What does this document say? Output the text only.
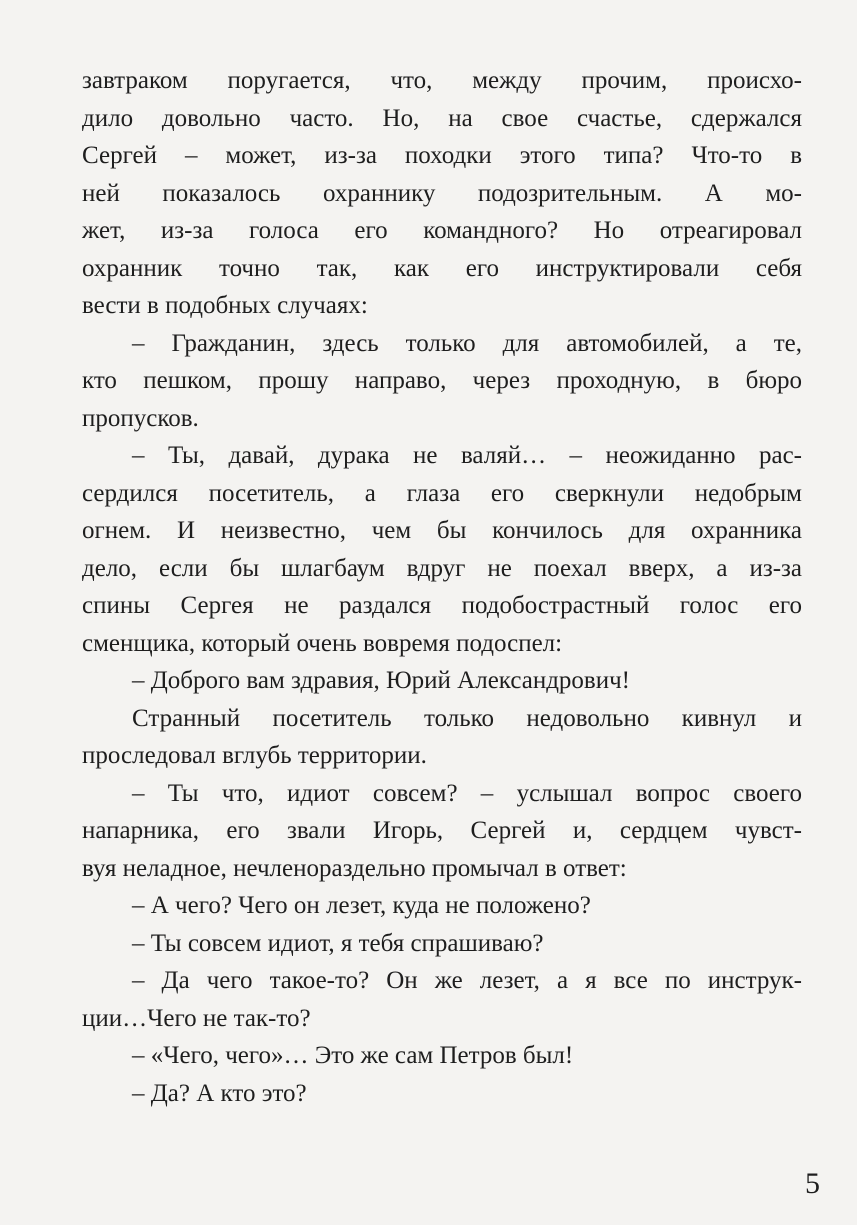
завтраком поругается, что, между прочим, происхо-
дило довольно часто. Но, на свое счастье, сдержался
Сергей – может, из-за походки этого типа? Что-то в
ней показалось охраннику подозрительным. А мо-
жет, из-за голоса его командного? Но отреагировал
охранник точно так, как его инструктировали себя
вести в подобных случаях:
– Гражданин, здесь только для автомобилей, а те,
кто пешком, прошу направо, через проходную, в бюро
пропусков.
– Ты, давай, дурака не валяй… – неожиданно рас-
сердился посетитель, а глаза его сверкнули недобрым
огнем. И неизвестно, чем бы кончилось для охранника
дело, если бы шлагбаум вдруг не поехал вверх, а из-за
спины Сергея не раздался подобострастный голос его
сменщика, который очень вовремя подоспел:
– Доброго вам здравия, Юрий Александрович!
Странный посетитель только недовольно кивнул и
проследовал вглубь территории.
– Ты что, идиот совсем? – услышал вопрос своего
напарника, его звали Игорь, Сергей и, сердцем чувст-
вуя неладное, нечленораздельно промычал в ответ:
– А чего? Чего он лезет, куда не положено?
– Ты совсем идиот, я тебя спрашиваю?
– Да чего такое-то? Он же лезет, а я все по инструк-
ции…Чего не так-то?
– «Чего, чего»… Это же сам Петров был!
– Да? А кто это?
5
